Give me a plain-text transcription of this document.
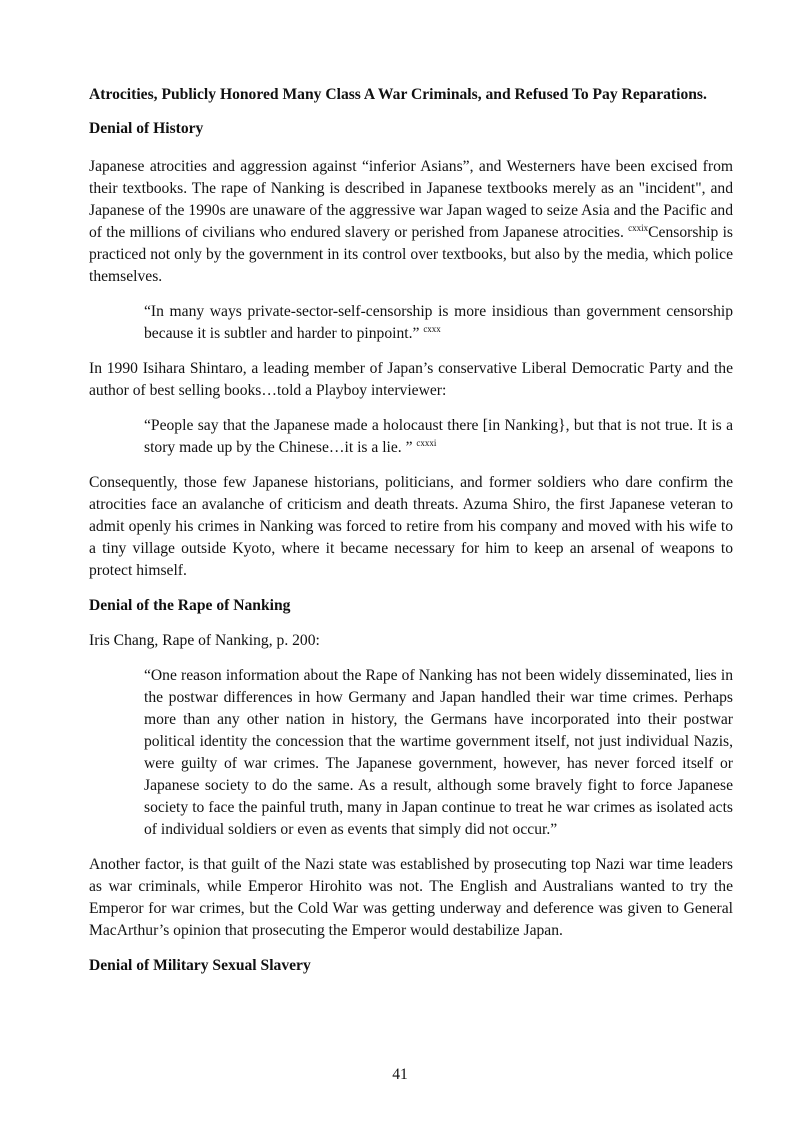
Atrocities, Publicly Honored Many Class A War Criminals, and Refused To Pay Reparations.

Denial of History

Japanese atrocities and aggression against “inferior Asians”, and Westerners have been excised from their textbooks. The rape of Nanking is described in Japanese textbooks merely as an "incident", and Japanese of the 1990s are unaware of the aggressive war Japan waged to seize Asia and the Pacific and of the millions of civilians who endured slavery or perished from Japanese atrocities. $^{cxxix}$Censorship is practiced not only by the government in its control over textbooks, but also by the media, which police themselves.

“In many ways private-sector-self-censorship is more insidious than government censorship because it is subtler and harder to pinpoint.” $^{cxxx}$

In 1990 Isihara Shintaro, a leading member of Japan’s conservative Liberal Democratic Party and the author of best selling books…told a Playboy interviewer:

“People say that the Japanese made a holocaust there [in Nanking}, but that is not true. It is a story made up by the Chinese…it is a lie. ” $^{cxxxi}$

Consequently, those few Japanese historians, politicians, and former soldiers who dare confirm the atrocities face an avalanche of criticism and death threats. Azuma Shiro, the first Japanese veteran to admit openly his crimes in Nanking was forced to retire from his company and moved with his wife to a tiny village outside Kyoto, where it became necessary for him to keep an arsenal of weapons to protect himself.

Denial of the Rape of Nanking

Iris Chang, Rape of Nanking, p. 200:

“One reason information about the Rape of Nanking has not been widely disseminated, lies in the postwar differences in how Germany and Japan handled their war time crimes. Perhaps more than any other nation in history, the Germans have incorporated into their postwar political identity the concession that the wartime government itself, not just individual Nazis, were guilty of war crimes. The Japanese government, however, has never forced itself or Japanese society to do the same. As a result, although some bravely fight to force Japanese society to face the painful truth, many in Japan continue to treat he war crimes as isolated acts of individual soldiers or even as events that simply did not occur.”

Another factor, is that guilt of the Nazi state was established by prosecuting top Nazi war time leaders as war criminals, while Emperor Hirohito was not. The English and Australians wanted to try the Emperor for war crimes, but the Cold War was getting underway and deference was given to General MacArthur’s opinion that prosecuting the Emperor would destabilize Japan.

Denial of Military Sexual Slavery

41
